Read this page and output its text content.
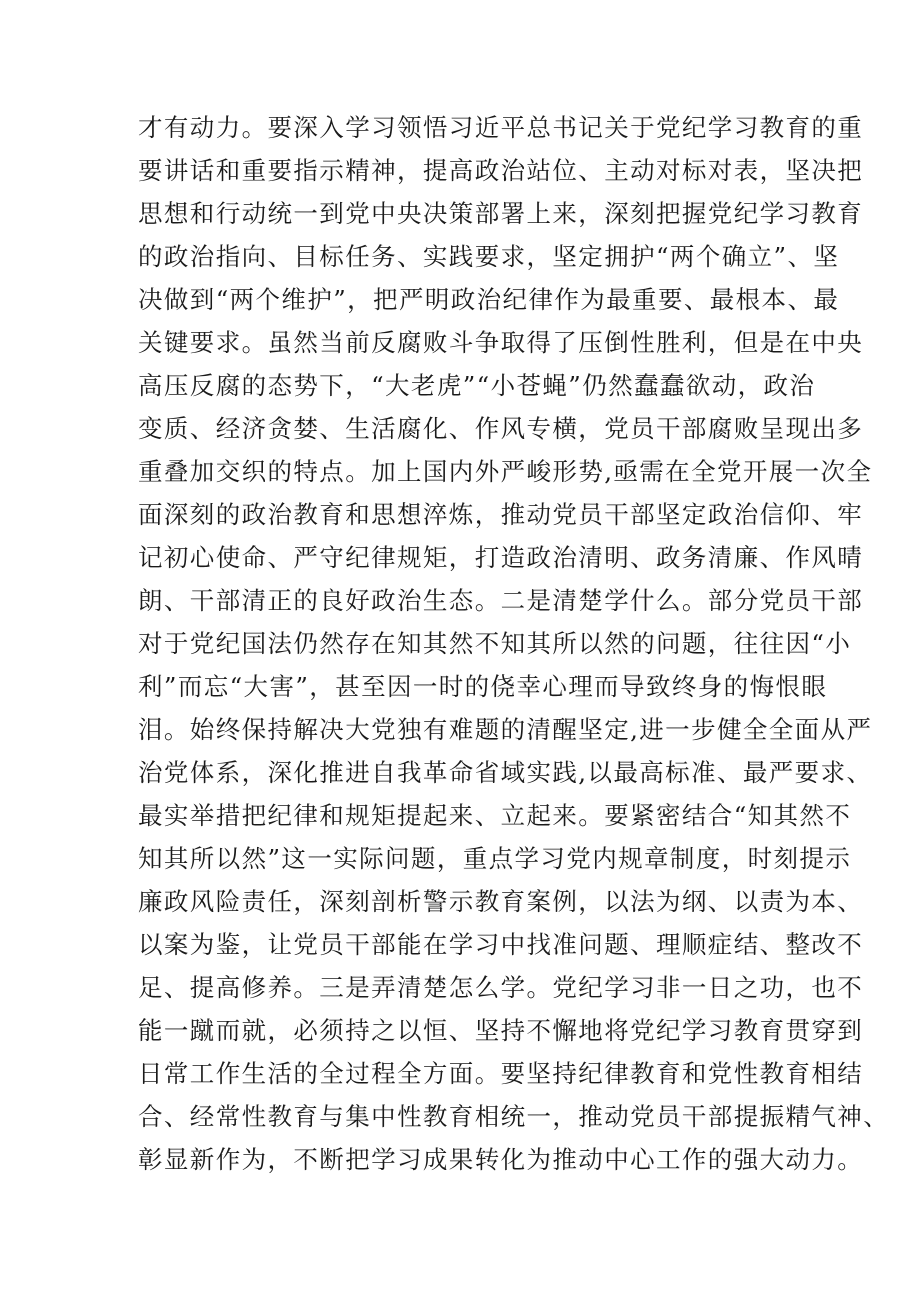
才有动力。要深入学习领悟习近平总书记关于党纪学习教育的重
要讲话和重要指示精神，提高政治站位、主动对标对表，坚决把
思想和行动统一到党中央决策部署上来，深刻把握党纪学习教育
的政治指向、目标任务、实践要求，坚定拥护“两个确立”、坚
决做到“两个维护”，把严明政治纪律作为最重要、最根本、最
关键要求。虽然当前反腐败斗争取得了压倒性胜利，但是在中央
高压反腐的态势下，“大老虎”“小苍蝇”仍然蠢蠢欲动，政治
变质、经济贪婪、生活腐化、作风专横，党员干部腐败呈现出多
重叠加交织的特点。加上国内外严峻形势,亟需在全党开展一次全
面深刻的政治教育和思想淬炼，推动党员干部坚定政治信仰、牢
记初心使命、严守纪律规矩，打造政治清明、政务清廉、作风晴
朗、干部清正的良好政治生态。二是清楚学什么。部分党员干部
对于党纪国法仍然存在知其然不知其所以然的问题，往往因“小
利”而忘“大害”，甚至因一时的侥幸心理而导致终身的悔恨眼
泪。始终保持解决大党独有难题的清醒坚定,进一步健全全面从严
治党体系，深化推进自我革命省域实践,以最高标准、最严要求、
最实举措把纪律和规矩提起来、立起来。要紧密结合“知其然不
知其所以然”这一实际问题，重点学习党内规章制度，时刻提示
廉政风险责任，深刻剖析警示教育案例，以法为纲、以责为本、
以案为鉴，让党员干部能在学习中找准问题、理顺症结、整改不
足、提高修养。三是弄清楚怎么学。党纪学习非一日之功，也不
能一蹴而就，必须持之以恒、坚持不懈地将党纪学习教育贯穿到
日常工作生活的全过程全方面。要坚持纪律教育和党性教育相结
合、经常性教育与集中性教育相统一，推动党员干部提振精气神、
彰显新作为，不断把学习成果转化为推动中心工作的强大动力。
